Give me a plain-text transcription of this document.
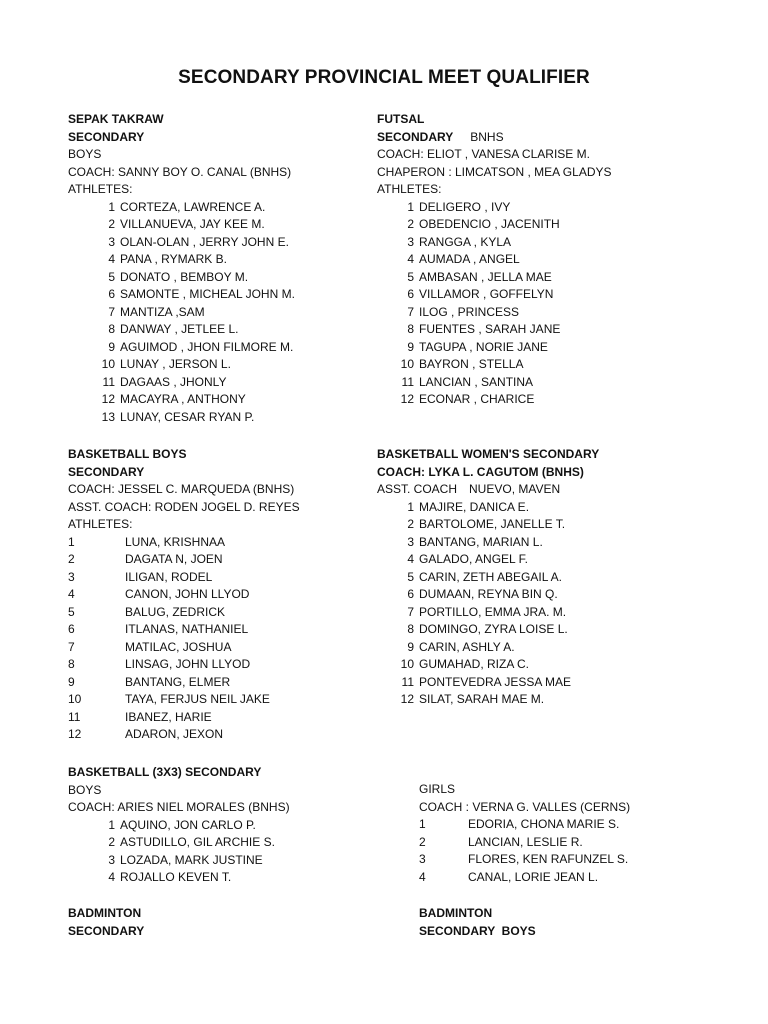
SECONDARY PROVINCIAL MEET QUALIFIER
SEPAK TAKRAW
SECONDARY
BOYS
COACH: SANNY BOY O. CANAL (BNHS)
ATHLETES:
1 CORTEZA, LAWRENCE A.
2 VILLANUEVA, JAY KEE M.
3 OLAN-OLAN , JERRY JOHN E.
4 PANA , RYMARK B.
5 DONATO , BEMBOY M.
6 SAMONTE , MICHEAL JOHN M.
7 MANTIZA ,SAM
8 DANWAY , JETLEE L.
9 AGUIMOD , JHON FILMORE M.
10 LUNAY , JERSON L.
11 DAGAAS , JHONLY
12 MACAYRA , ANTHONY
13 LUNAY, CESAR RYAN P.
FUTSAL
SECONDARY BNHS
COACH: ELIOT , VANESA CLARISE M.
CHAPERON : LIMCATSON , MEA GLADYS
ATHLETES:
1 DELIGERO , IVY
2 OBEDENCIO , JACENITH
3 RANGGA , KYLA
4 AUMADA , ANGEL
5 AMBASAN , JELLA MAE
6 VILLAMOR , GOFFELYN
7 ILOG , PRINCESS
8 FUENTES , SARAH JANE
9 TAGUPA , NORIE JANE
10 BAYRON , STELLA
11 LANCIAN , SANTINA
12 ECONAR , CHARICE
BASKETBALL BOYS
SECONDARY
COACH: JESSEL C. MARQUEDA (BNHS)
ASST. COACH: RODEN JOGEL D. REYES
ATHLETES:
1	LUNA, KRISHNAA
2	DAGATA N, JOEN
3	ILIGAN, RODEL
4	CANON, JOHN LLYOD
5	BALUG, ZEDRICK
6	ITLANAS, NATHANIEL
7	MATILAC, JOSHUA
8	LINSAG, JOHN LLYOD
9	BANTANG, ELMER
10	TAYA, FERJUS NEIL JAKE
11	IBANEZ, HARIE
12	ADARON, JEXON
BASKETBALL WOMEN'S SECONDARY
COACH: LYKA L. CAGUTOM (BNHS)
ASST. COACH NUEVO, MAVEN
1 MAJIRE, DANICA E.
2 BARTOLOME, JANELLE T.
3 BANTANG, MARIAN L.
4 GALADO, ANGEL F.
5 CARIN, ZETH ABEGAIL A.
6 DUMAAN, REYNA BIN Q.
7 PORTILLO, EMMA JRA. M.
8 DOMINGO, ZYRA LOISE L.
9 CARIN, ASHLY A.
10 GUMAHAD, RIZA C.
11 PONTEVEDRA JESSA MAE
12 SILAT, SARAH MAE M.
BASKETBALL (3X3) SECONDARY
BOYS
COACH: ARIES NIEL MORALES (BNHS)
1 AQUINO, JON CARLO P.
2 ASTUDILLO, GIL ARCHIE S.
3 LOZADA, MARK JUSTINE
4 ROJALLO KEVEN T.
GIRLS
COACH : VERNA G. VALLES (CERNS)
1	EDORIA, CHONA MARIE S.
2	LANCIAN, LESLIE R.
3	FLORES, KEN RAFUNZEL S.
4	CANAL, LORIE JEAN L.
BADMINTON
SECONDARY
BADMINTON
SECONDARY  BOYS
